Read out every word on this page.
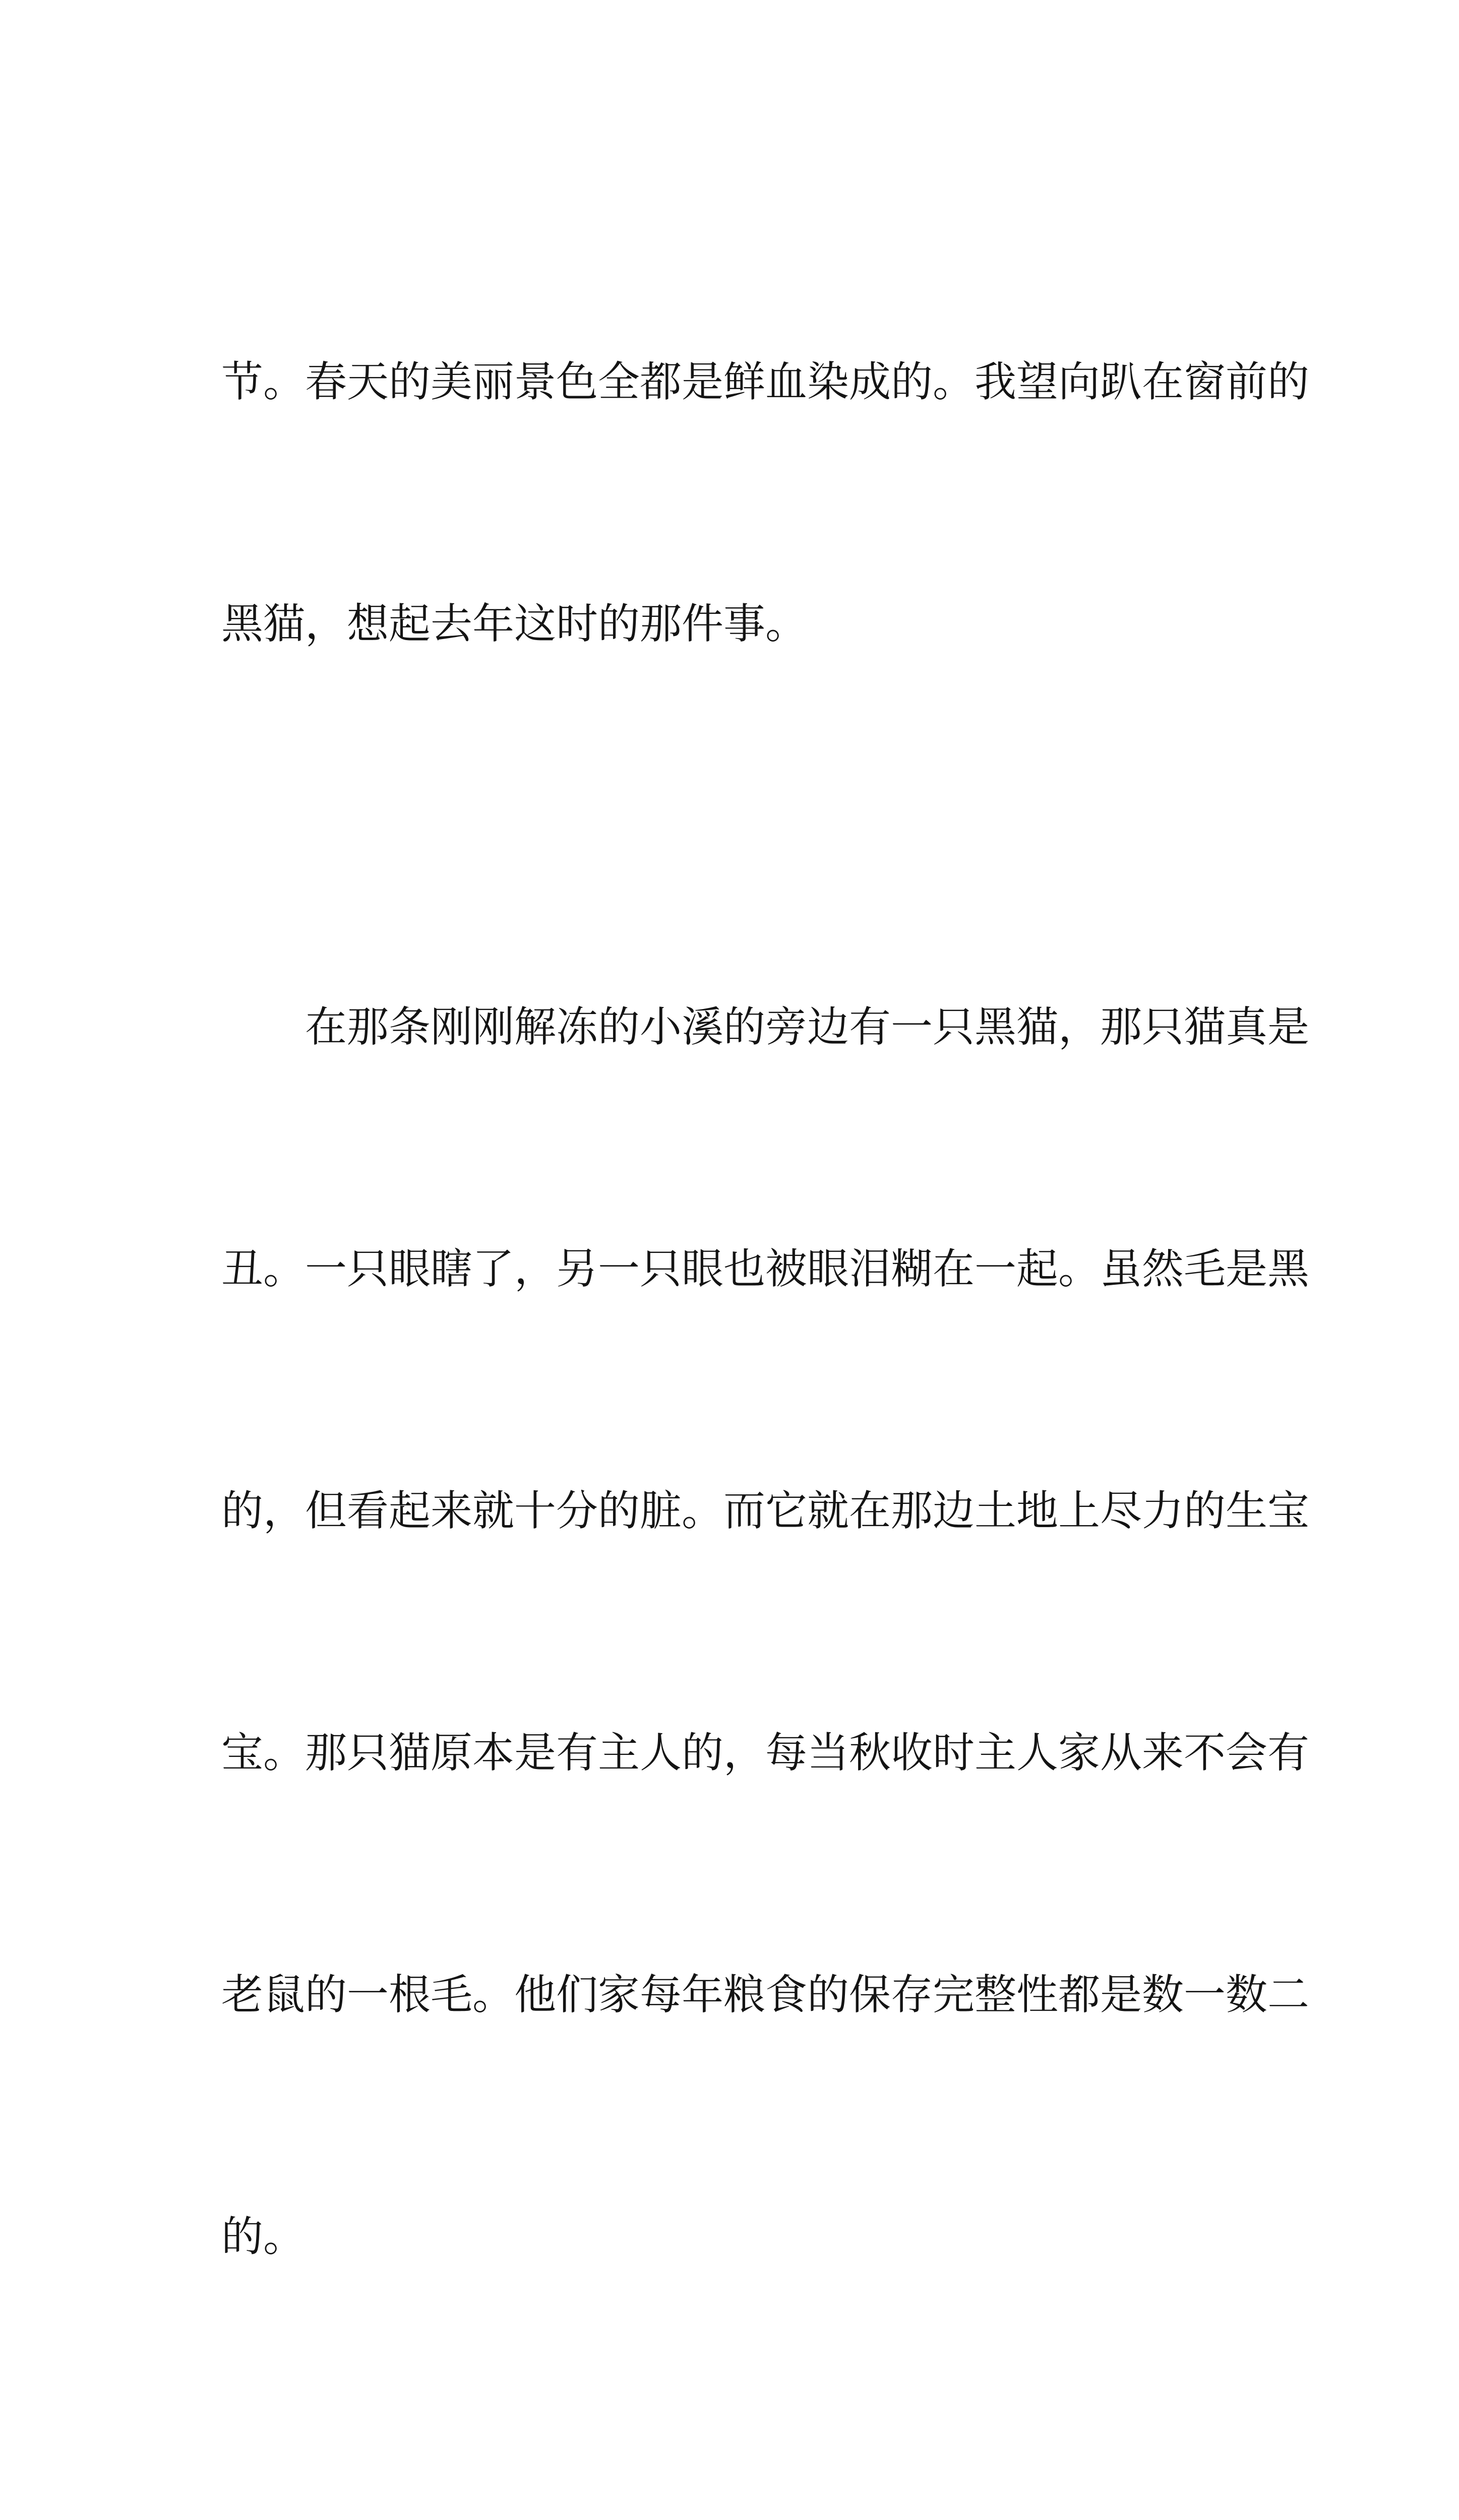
节。春天的美丽景色全都是鲜血染成的。我望向趴在窗前的

黑猫，想起去年这时的那件事。

　　在那条刚刚解冻的小溪的旁边有一只黑猫，那只猫真是

丑。一只眼瞎了，另一只眼也被眼泪糊在一起。虽然毛是黑

的，但看起来就十分的脏。而它就在那边土地上尽力的生宝

宝。那只猫原本是有主人的，每当秋收时主人家从来不会有

老鼠的一根毛。他们家每年粮食的保存完整性都是数一数二

的。
